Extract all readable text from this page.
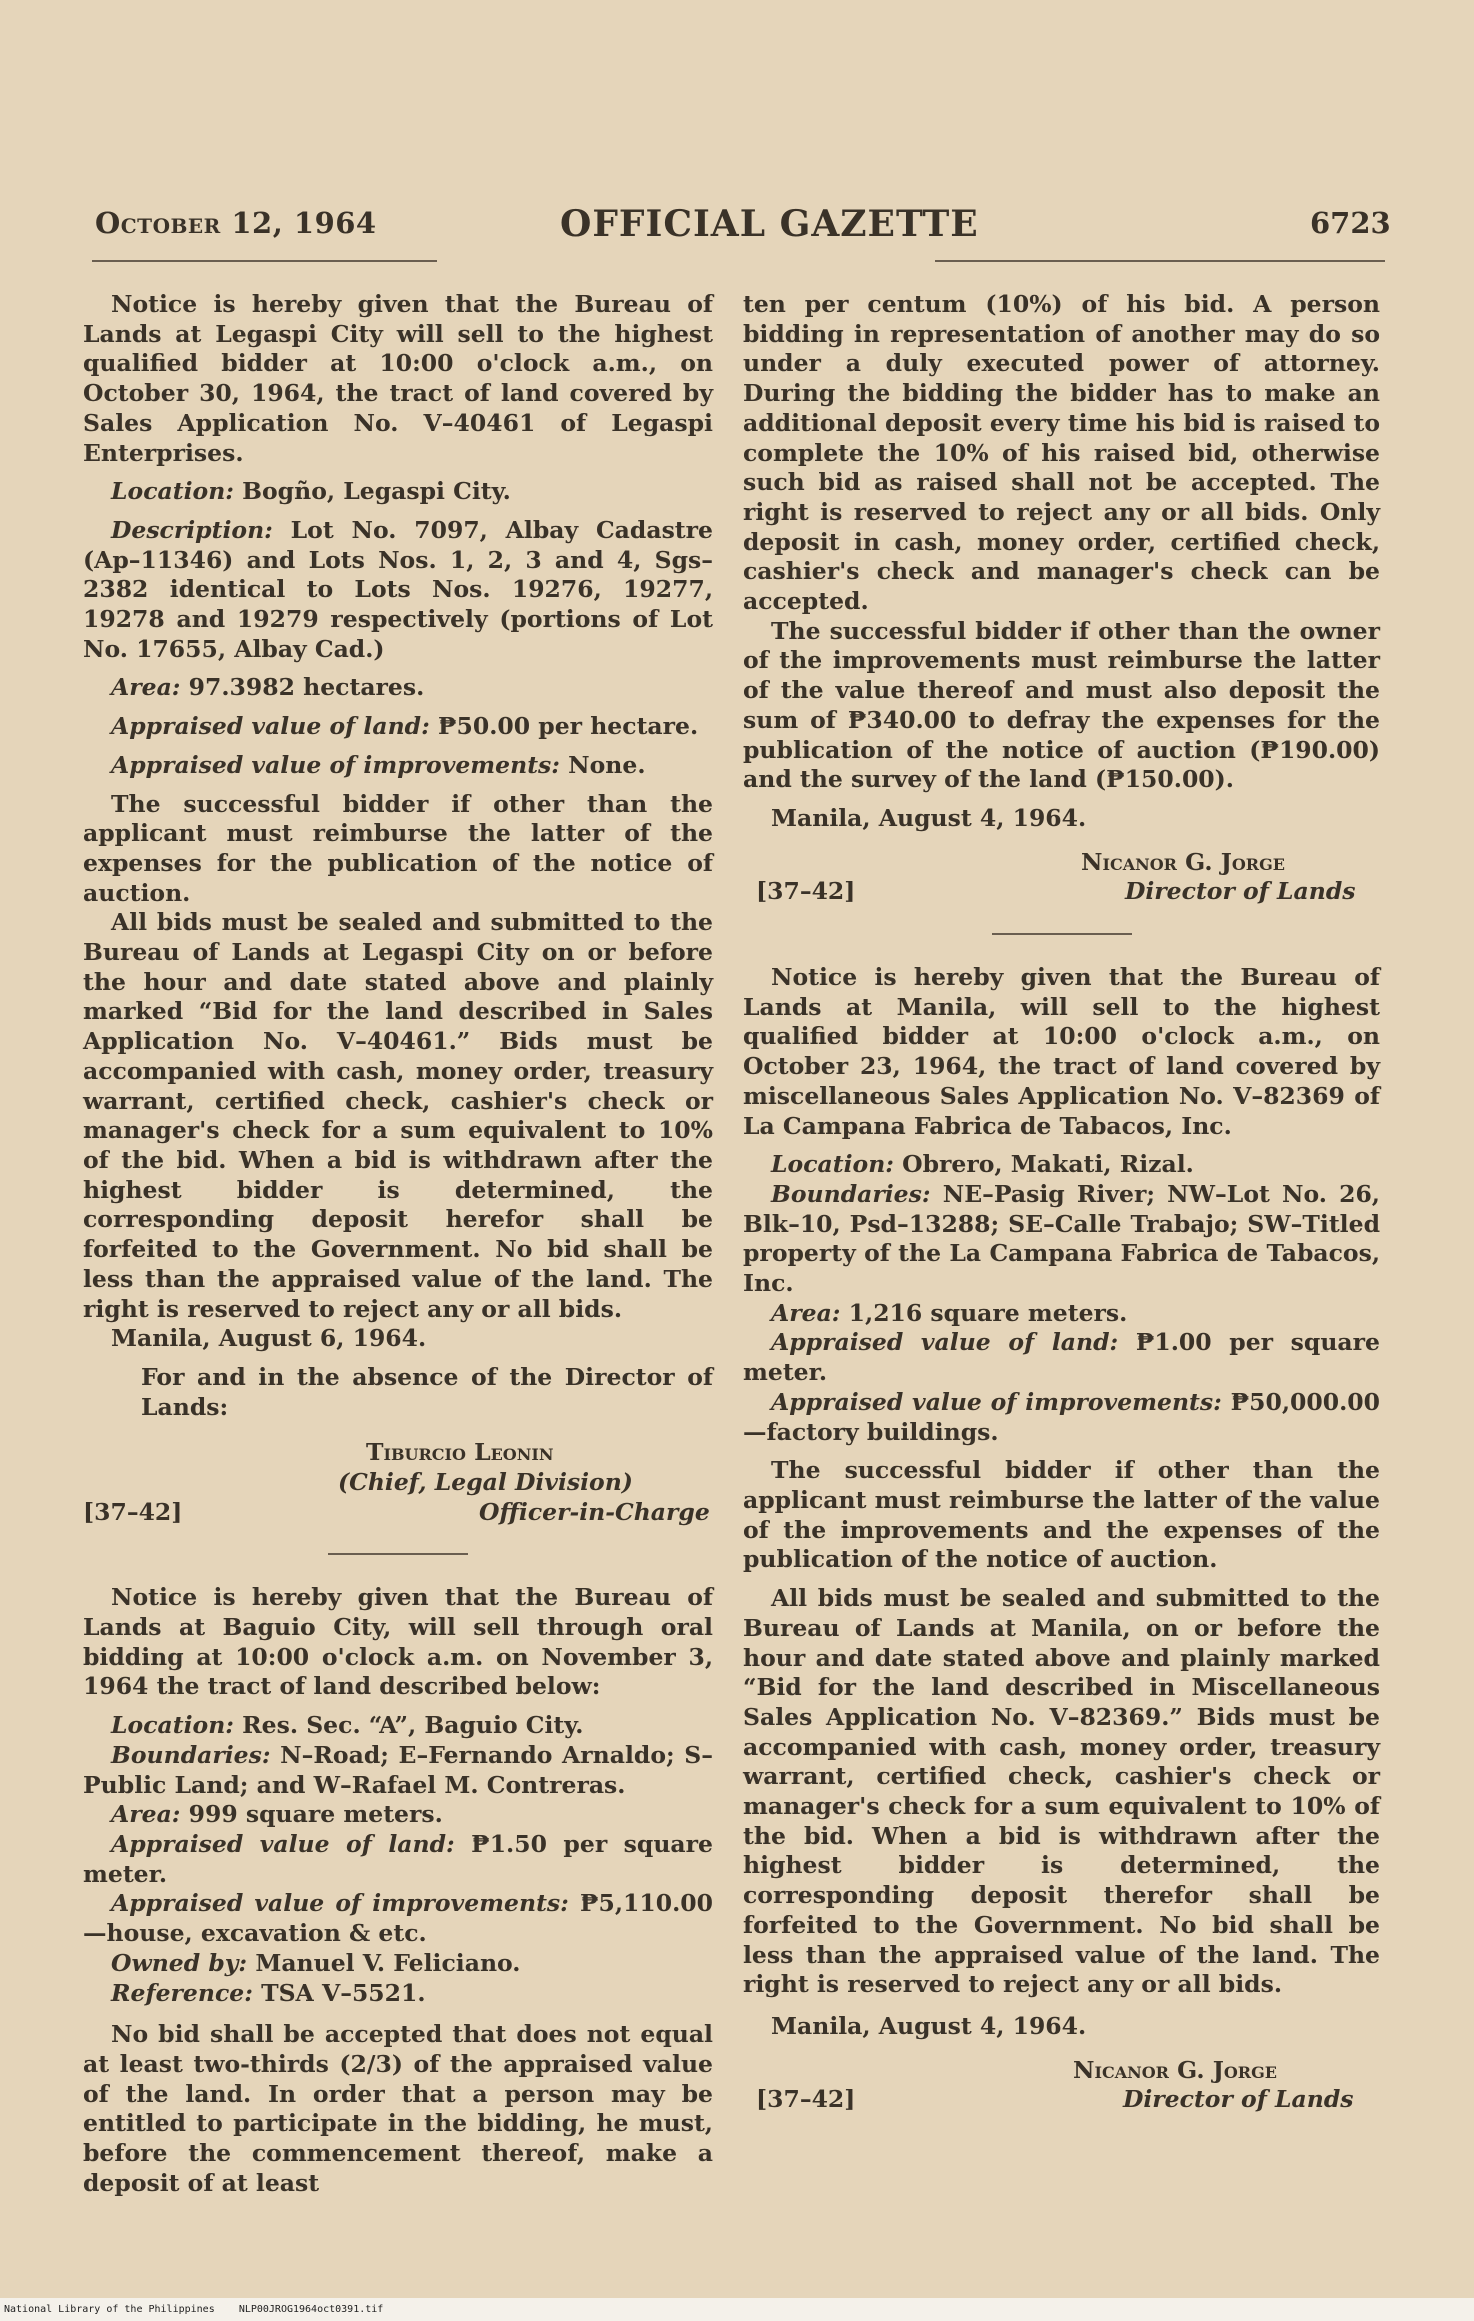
October 12, 1964	OFFICIAL GAZETTE	6723

Notice is hereby given that the Bureau of Lands at Legaspi City will sell to the highest qualified bidder at 10:00 o'clock a.m., on October 30, 1964, the tract of land covered by Sales Application No. V–40461 of Legaspi Enterprises.

Location: Bogño, Legaspi City.

Description: Lot No. 7097, Albay Cadastre (Ap–11346) and Lots Nos. 1, 2, 3 and 4, Sgs–2382 identical to Lots Nos. 19276, 19277, 19278 and 19279 respectively (portions of Lot No. 17655, Albay Cad.)

Area: 97.3982 hectares.

Appraised value of land: ₱50.00 per hectare.

Appraised value of improvements: None.

The successful bidder if other than the applicant must reimburse the latter of the expenses for the publication of the notice of auction.

All bids must be sealed and submitted to the Bureau of Lands at Legaspi City on or before the hour and date stated above and plainly marked “Bid for the land described in Sales Application No. V–40461.” Bids must be accompanied with cash, money order, treasury warrant, certified check, cashier's check or manager's check for a sum equivalent to 10% of the bid. When a bid is withdrawn after the highest bidder is determined, the corresponding deposit herefor shall be forfeited to the Government. No bid shall be less than the appraised value of the land. The right is reserved to reject any or all bids.

Manila, August 6, 1964.

For and in the absence of the Director of Lands:

Tiburcio Leonin
(Chief, Legal Division)
[37–42]	Officer-in-Charge

Notice is hereby given that the Bureau of Lands at Baguio City, will sell through oral bidding at 10:00 o'clock a.m. on November 3, 1964 the tract of land described below:

Location: Res. Sec. “A”, Baguio City.

Boundaries: N–Road; E–Fernando Arnaldo; S–Public Land; and W–Rafael M. Contreras.

Area: 999 square meters.

Appraised value of land: ₱1.50 per square meter.

Appraised value of improvements: ₱5,110.00—house, excavation & etc.

Owned by: Manuel V. Feliciano.

Reference: TSA V–5521.

No bid shall be accepted that does not equal at least two-thirds (2/3) of the appraised value of the land. In order that a person may be entitled to participate in the bidding, he must, before the commencement thereof, make a deposit of at least

ten per centum (10%) of his bid. A person bidding in representation of another may do so under a duly executed power of attorney. During the bidding the bidder has to make an additional deposit every time his bid is raised to complete the 10% of his raised bid, otherwise such bid as raised shall not be accepted. The right is reserved to reject any or all bids. Only deposit in cash, money order, certified check, cashier's check and manager's check can be accepted.

The successful bidder if other than the owner of the improvements must reimburse the latter of the value thereof and must also deposit the sum of ₱340.00 to defray the expenses for the publication of the notice of auction (₱190.00) and the survey of the land (₱150.00).

Manila, August 4, 1964.

Nicanor G. Jorge
[37–42]	Director of Lands

Notice is hereby given that the Bureau of Lands at Manila, will sell to the highest qualified bidder at 10:00 o'clock a.m., on October 23, 1964, the tract of land covered by miscellaneous Sales Application No. V–82369 of La Campana Fabrica de Tabacos, Inc.

Location: Obrero, Makati, Rizal.

Boundaries: NE–Pasig River; NW–Lot No. 26, Blk–10, Psd–13288; SE–Calle Trabajo; SW–Titled property of the La Campana Fabrica de Tabacos, Inc.

Area: 1,216 square meters.

Appraised value of land: ₱1.00 per square meter.

Appraised value of improvements: ₱50,000.00—factory buildings.

The successful bidder if other than the applicant must reimburse the latter of the value of the improvements and the expenses of the publication of the notice of auction.

All bids must be sealed and submitted to the Bureau of Lands at Manila, on or before the hour and date stated above and plainly marked “Bid for the land described in Miscellaneous Sales Application No. V–82369.” Bids must be accompanied with cash, money order, treasury warrant, certified check, cashier's check or manager's check for a sum equivalent to 10% of the bid. When a bid is withdrawn after the highest bidder is determined, the corresponding deposit therefor shall be forfeited to the Government. No bid shall be less than the appraised value of the land. The right is reserved to reject any or all bids.

Manila, August 4, 1964.

Nicanor G. Jorge
[37–42]	Director of Lands
National Library of the Philippines NLP00JROG1964oct0391.tif
